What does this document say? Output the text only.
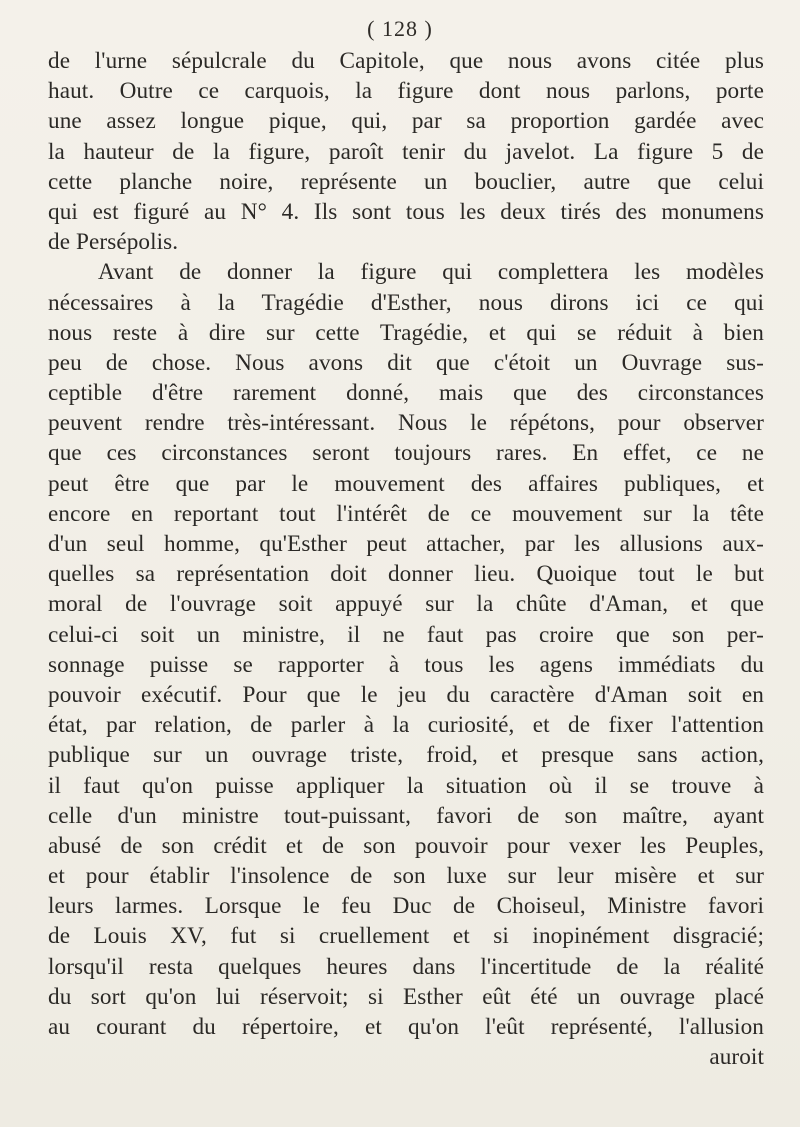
( 128 )
de l'urne sépulcrale du Capitole, que nous avons citée plus
haut. Outre ce carquois, la figure dont nous parlons, porte
une assez longue pique, qui, par sa proportion gardée avec
la hauteur de la figure, paroît tenir du javelot. La figure 5 de
cette planche noire, représente un bouclier, autre que celui
qui est figuré au N° 4. Ils sont tous les deux tirés des monumens
de Persépolis.
Avant de donner la figure qui complettera les modèles
nécessaires à la Tragédie d'Esther, nous dirons ici ce qui
nous reste à dire sur cette Tragédie, et qui se réduit à bien
peu de chose. Nous avons dit que c'étoit un Ouvrage sus-
ceptible d'être rarement donné, mais que des circonstances
peuvent rendre très-intéressant. Nous le répétons, pour observer
que ces circonstances seront toujours rares. En effet, ce ne
peut être que par le mouvement des affaires publiques, et
encore en reportant tout l'intérêt de ce mouvement sur la tête
d'un seul homme, qu'Esther peut attacher, par les allusions aux-
quelles sa représentation doit donner lieu. Quoique tout le but
moral de l'ouvrage soit appuyé sur la chûte d'Aman, et que
celui-ci soit un ministre, il ne faut pas croire que son per-
sonnage puisse se rapporter à tous les agens immédiats du
pouvoir exécutif. Pour que le jeu du caractère d'Aman soit en
état, par relation, de parler à la curiosité, et de fixer l'attention
publique sur un ouvrage triste, froid, et presque sans action,
il faut qu'on puisse appliquer la situation où il se trouve à
celle d'un ministre tout-puissant, favori de son maître, ayant
abusé de son crédit et de son pouvoir pour vexer les Peuples,
et pour établir l'insolence de son luxe sur leur misère et sur
leurs larmes. Lorsque le feu Duc de Choiseul, Ministre favori
de Louis XV, fut si cruellement et si inopinément disgracié;
lorsqu'il resta quelques heures dans l'incertitude de la réalité
du sort qu'on lui réservoit; si Esther eût été un ouvrage placé
au courant du répertoire, et qu'on l'eût représenté, l'allusion
auroit
